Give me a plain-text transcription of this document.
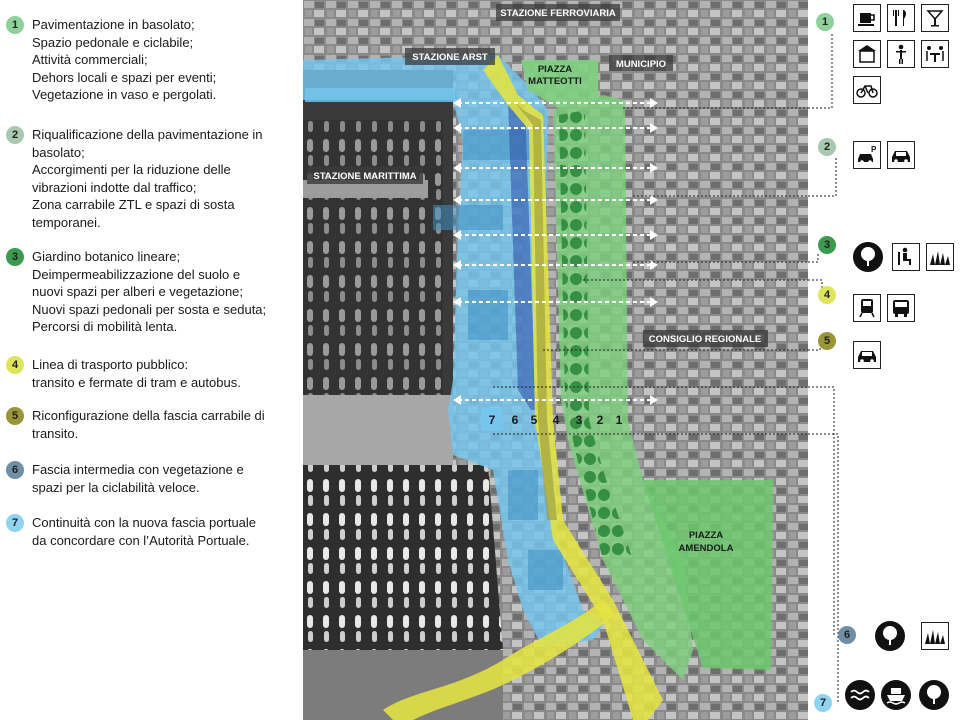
1	Pavimentazione in basolato;
Spazio pedonale e ciclabile;
Attività commerciali;
Dehors locali e spazi per eventi;
Vegetazione in vaso e pergolati.
2	Riqualificazione della pavimentazione in
basolato;
Accorgimenti per la riduzione delle
vibrazioni indotte dal traffico;
Zona carrabile ZTL e spazi di sosta
temporanei.
3	Giardino botanico lineare;
Deimpermeabilizzazione del suolo e
nuovi spazi per alberi e vegetazione;
Nuovi spazi pedonali per sosta e seduta;
Percorsi di mobilità lenta.
4	Linea di trasporto pubblico:
transito e fermate di tram e autobus.
5	Riconfigurazione della fascia carrabile di
transito.
6	Fascia intermedia con vegetazione e
spazi per la ciclabilità veloce.
7	Continuità con la nuova fascia portuale
da concordare con l’Autorità Portuale.
STAZIONE FERROVIARIA
STAZIONE ARST
PIAZZA
MATTEOTTI
MUNICIPIO
STAZIONE MARITTIMA
CONSIGLIO REGIONALE
PIAZZA
AMENDOLA
7 6 5 4 3 2 1
1
2	P
3
4
5
6
7
